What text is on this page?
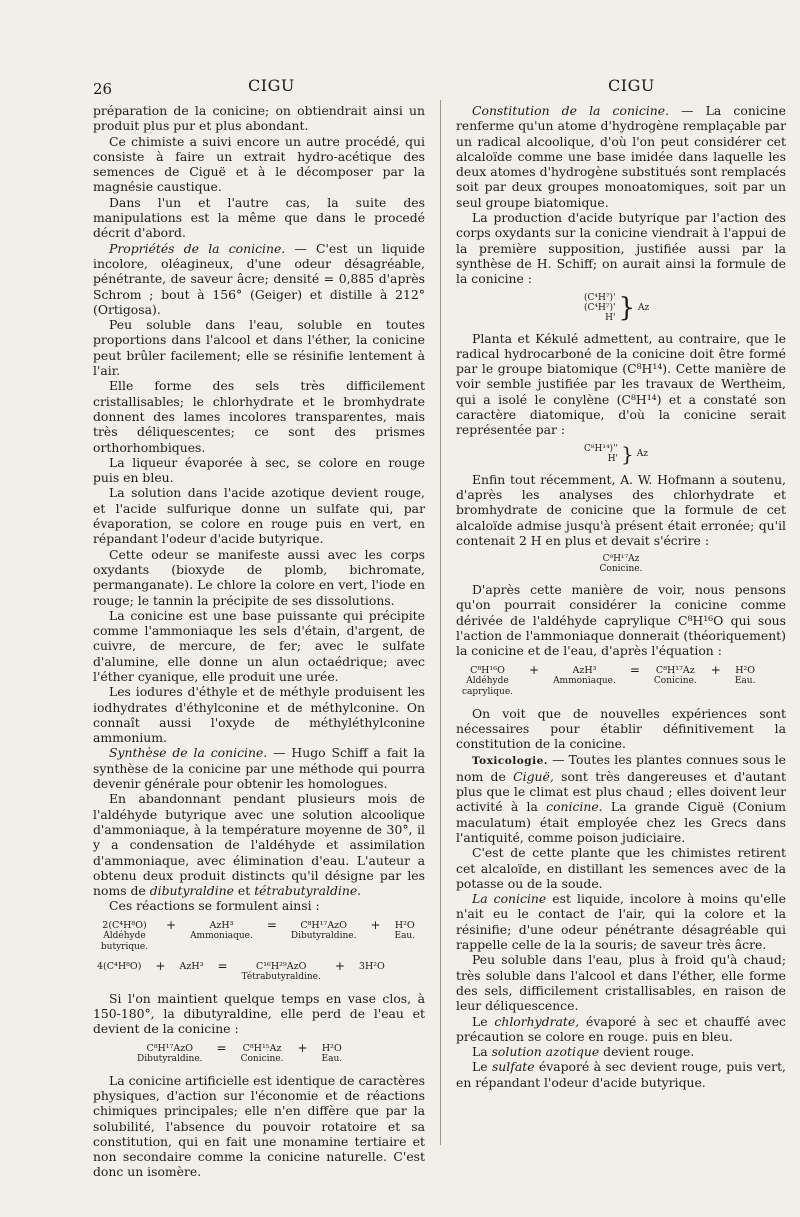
26	CIGU	CIGU

préparation de la conicine; on obtiendrait ainsi un produit plus pur et plus abondant.

Ce chimiste a suivi encore un autre procédé, qui consiste à faire un extrait hydro-acétique des semences de Ciguë et à le décomposer par la magnésie caustique.

Dans l'un et l'autre cas, la suite des manipulations est la même que dans le procedé décrit d'abord.

Propriétés de la conicine. — C'est un liquide incolore, oléagineux, d'une odeur désagréable, pénétrante, de saveur âcre; densité = 0,885 d'après Schrom ; bout à 156° (Geiger) et distille à 212° (Ortigosa).

Peu soluble dans l'eau, soluble en toutes proportions dans l'alcool et dans l'éther, la conicine peut brûler facilement; elle se résinifie lentement à l'air.

Elle forme des sels très difficilement cristallisables; le chlorhydrate et le bromhydrate donnent des lames incolores transparentes, mais très déliquescentes; ce sont des prismes orthorhombiques.

La liqueur évaporée à sec, se colore en rouge puis en bleu.

La solution dans l'acide azotique devient rouge, et l'acide sulfurique donne un sulfate qui, par évaporation, se colore en rouge puis en vert, en répandant l'odeur d'acide butyrique.

Cette odeur se manifeste aussi avec les corps oxydants (bioxyde de plomb, bichromate, permanganate). Le chlore la colore en vert, l'iode en rouge; le tannin la précipite de ses dissolutions.

La conicine est une base puissante qui précipite comme l'ammoniaque les sels d'étain, d'argent, de cuivre, de mercure, de fer; avec le sulfate d'alumine, elle donne un alun octaédrique; avec l'éther cyanique, elle produit une urée.

Les iodures d'éthyle et de méthyle produisent les iodhydrates d'éthylconine et de méthylconine. On connaît aussi l'oxyde de méthyléthylconine ammonium.

Synthèse de la conicine. — Hugo Schiff a fait la synthèse de la conicine par une méthode qui pourra devenir générale pour obtenir les homologues.

En abandonnant pendant plusieurs mois de l'aldéhyde butyrique avec une solution alcoolique d'ammoniaque, à la température moyenne de 30°, il y a condensation de l'aldéhyde et assimilation d'ammoniaque, avec élimination d'eau. L'auteur a obtenu deux produit distincts qu'il désigne par les noms de dibutyraldine et tétrabutyraldine.

Ces réactions se formulent ainsi :

2(C⁴H⁸O)	+	AzH³	=	C⁸H¹⁷AzO	+	H²O
Aldéhyde butyrique.		Ammoniaque.		Dibutyraldine.		Eau.
4(C⁴H⁸O)	+	AzH³	=	C¹⁶H²⁹AzO	+	3H²O
				Tétrabutyraldine.		

Si l'on maintient quelque temps en vase clos, à 150-180°, la dibutyraldine, elle perd de l'eau et devient de la conicine :

C⁸H¹⁷AzO	=	C⁸H¹⁵Az	+	H²O
Dibutyraldine.		Conicine.		Eau.

La conicine artificielle est identique de caractères physiques, d'action sur l'économie et de réactions chimiques principales; elle n'en diffère que par la solubilité, l'absence du pouvoir rotatoire et sa constitution, qui en fait une monamine tertiaire et non secondaire comme la conicine naturelle. C'est donc un isomère.

Constitution de la conicine. — La conicine renferme qu'un atome d'hydrogène remplaçable par un radical alcoolique, d'où l'on peut considérer cet alcaloïde comme une base imidée dans laquelle les deux atomes d'hydrogène substitués sont remplacés soit par deux groupes monoatomiques, soit par un seul groupe biatomique.

La production d'acide butyrique par l'action des corps oxydants sur la conicine viendrait à l'appui de la première supposition, justifiée aussi par la synthèse de H. Schiff; on aurait ainsi la formule de la conicine :

(C⁴H⁷)'
(C⁴H⁷)'
H' } Az

Planta et Kékulé admettent, au contraire, que le radical hydrocarboné de la conicine doit être formé par le groupe biatomique (C⁸H¹⁴). Cette manière de voir semble justifiée par les travaux de Wertheim, qui a isolé le conylène (C⁸H¹⁴) et a constaté son caractère diatomique, d'où la conicine serait représentée par :

C⁸H¹⁴)''
H' } Az

Enfin tout récemment, A. W. Hofmann a soutenu, d'après les analyses des chlorhydrate et bromhydrate de conicine que la formule de cet alcaloïde admise jusqu'à présent était erronée; qu'il contenait 2 H en plus et devait s'écrire :

C⁸H¹⁷Az
Conicine.

D'après cette manière de voir, nous pensons qu'on pourrait considérer la conicine comme dérivée de l'aldéhyde caprylique C⁸H¹⁶O qui sous l'action de l'ammoniaque donnerait (théoriquement) la conicine et de l'eau, d'après l'équation :

C⁸H¹⁶O	+	AzH³	=	C⁸H¹⁷Az	+	H²O
Aldéhyde caprylique.		Ammoniaque.		Conicine.		Eau.

On voit que de nouvelles expériences sont nécessaires pour établir définitivement la constitution de la conicine.

Toxicologie. — Toutes les plantes connues sous le nom de Ciguë, sont très dangereuses et d'autant plus que le climat est plus chaud ; elles doivent leur activité à la conicine. La grande Ciguë (Conium maculatum) était employée chez les Grecs dans l'antiquité, comme poison judiciaire.

C'est de cette plante que les chimistes retirent cet alcaloïde, en distillant les semences avec de la potasse ou de la soude.

La conicine est liquide, incolore à moins qu'elle n'ait eu le contact de l'air, qui la colore et la résinifie; d'une odeur pénétrante désagréable qui rappelle celle de la la souris; de saveur très âcre.

Peu soluble dans l'eau, plus à froid qu'à chaud; très soluble dans l'alcool et dans l'éther, elle forme des sels, difficilement cristallisables, en raison de leur déliquescence.

Le chlorhydrate, évaporé à sec et chauffé avec précaution se colore en rouge. puis en bleu.

La solution azotique devient rouge.

Le sulfate évaporé à sec devient rouge, puis vert, en répandant l'odeur d'acide butyrique.
